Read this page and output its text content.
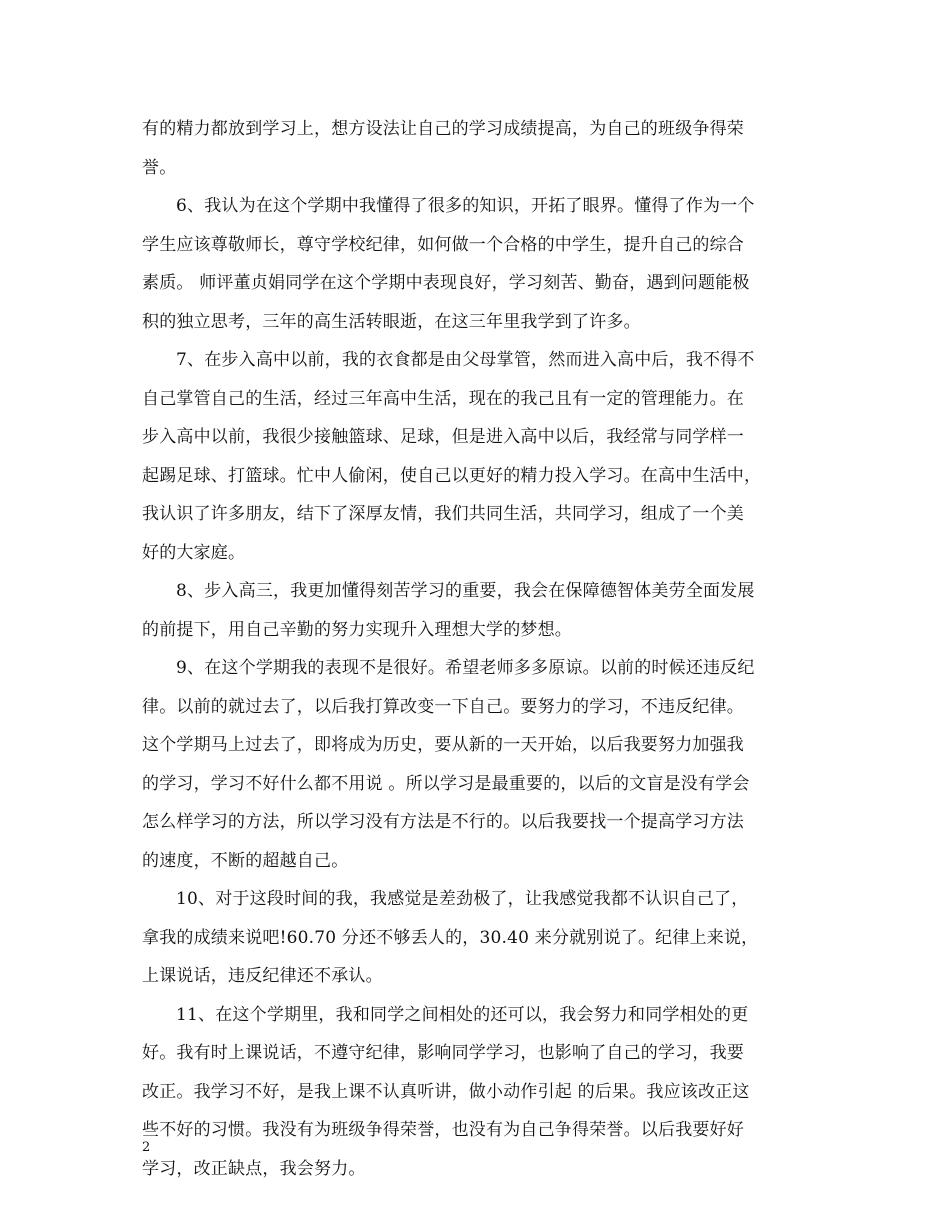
有的精力都放到学习上，想方设法让自己的学习成绩提高，为自己的班级争得荣
誉。
6、我认为在这个学期中我懂得了很多的知识，开拓了眼界。懂得了作为一个
学生应该尊敬师长，尊守学校纪律，如何做一个合格的中学生，提升自己的综合
素质。 师评董贞娟同学在这个学期中表现良好，学习刻苦、勤奋，遇到问题能极
积的独立思考，三年的高生活转眼逝，在这三年里我学到了许多。
7、在步入高中以前，我的衣食都是由父母掌管，然而进入高中后，我不得不
自己掌管自己的生活，经过三年高中生活，现在的我己且有一定的管理能力。在
步入高中以前，我很少接触篮球、足球，但是进入高中以后，我经常与同学样一
起踢足球、打篮球。忙中人偷闲，使自己以更好的精力投入学习。在高中生活中，
我认识了许多朋友，结下了深厚友情，我们共同生活，共同学习，组成了一个美
好的大家庭。
8、步入高三，我更加懂得刻苦学习的重要，我会在保障德智体美劳全面发展
的前提下，用自己辛勤的努力实现升入理想大学的梦想。
9、在这个学期我的表现不是很好。希望老师多多原谅。以前的时候还违反纪
律。以前的就过去了，以后我打算改变一下自己。要努力的学习，不违反纪律。
这个学期马上过去了，即将成为历史，要从新的一天开始，以后我要努力加强我
的学习，学习不好什么都不用说 。所以学习是最重要的，以后的文盲是没有学会
怎么样学习的方法，所以学习没有方法是不行的。以后我要找一个提高学习方法
的速度，不断的超越自己。
10、对于这段时间的我，我感觉是差劲极了，让我感觉我都不认识自己了，
拿我的成绩来说吧!60.70 分还不够丢人的，30.40 来分就别说了。纪律上来说，
上课说话，违反纪律还不承认。
11、在这个学期里，我和同学之间相处的还可以，我会努力和同学相处的更
好。我有时上课说话，不遵守纪律，影响同学学习，也影响了自己的学习，我要
改正。我学习不好，是我上课不认真听讲，做小动作引起 的后果。我应该改正这
些不好的习惯。我没有为班级争得荣誉，也没有为自己争得荣誉。以后我要好好
学习，改正缺点，我会努力。
2
